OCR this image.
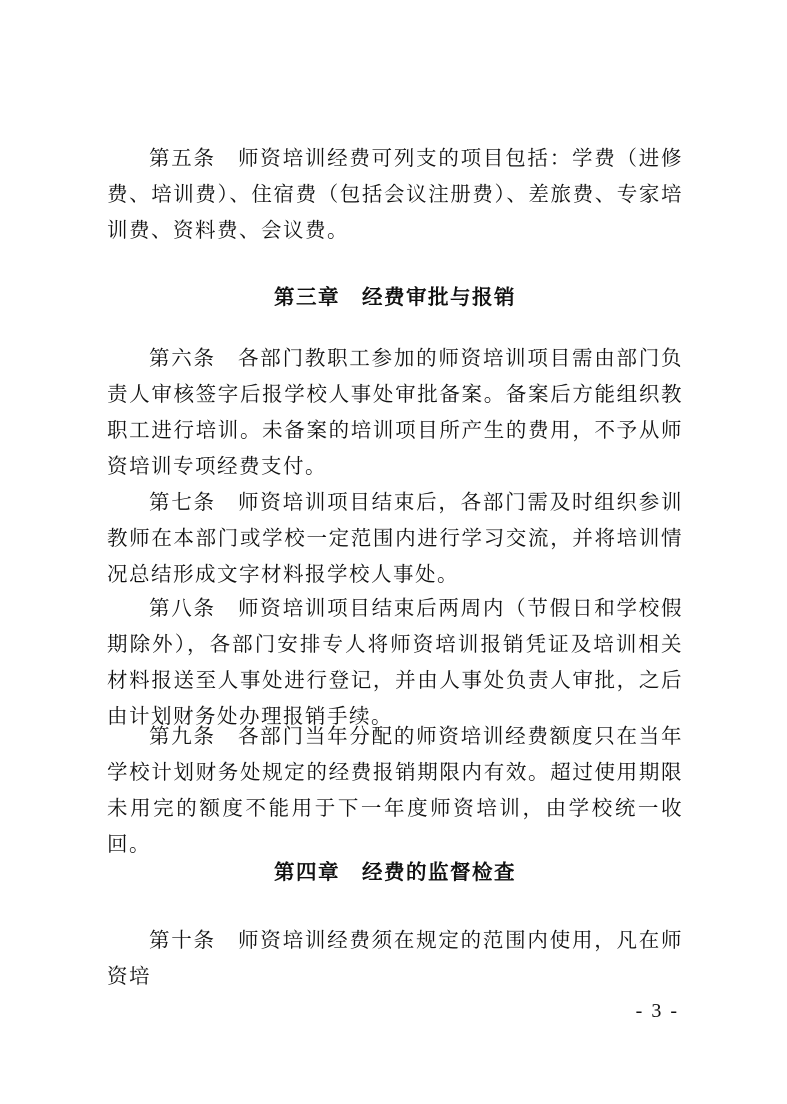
第五条　师资培训经费可列支的项目包括：学费（进修费、培训费）、住宿费（包括会议注册费）、差旅费、专家培训费、资料费、会议费。

第三章　经费审批与报销

第六条　各部门教职工参加的师资培训项目需由部门负责人审核签字后报学校人事处审批备案。备案后方能组织教职工进行培训。未备案的培训项目所产生的费用，不予从师资培训专项经费支付。

第七条　师资培训项目结束后，各部门需及时组织参训教师在本部门或学校一定范围内进行学习交流，并将培训情况总结形成文字材料报学校人事处。

第八条　师资培训项目结束后两周内（节假日和学校假期除外），各部门安排专人将师资培训报销凭证及培训相关材料报送至人事处进行登记，并由人事处负责人审批，之后由计划财务处办理报销手续。

第九条　各部门当年分配的师资培训经费额度只在当年学校计划财务处规定的经费报销期限内有效。超过使用期限未用完的额度不能用于下一年度师资培训，由学校统一收回。

第四章　经费的监督检查

第十条　师资培训经费须在规定的范围内使用，凡在师资培

- 3 -
